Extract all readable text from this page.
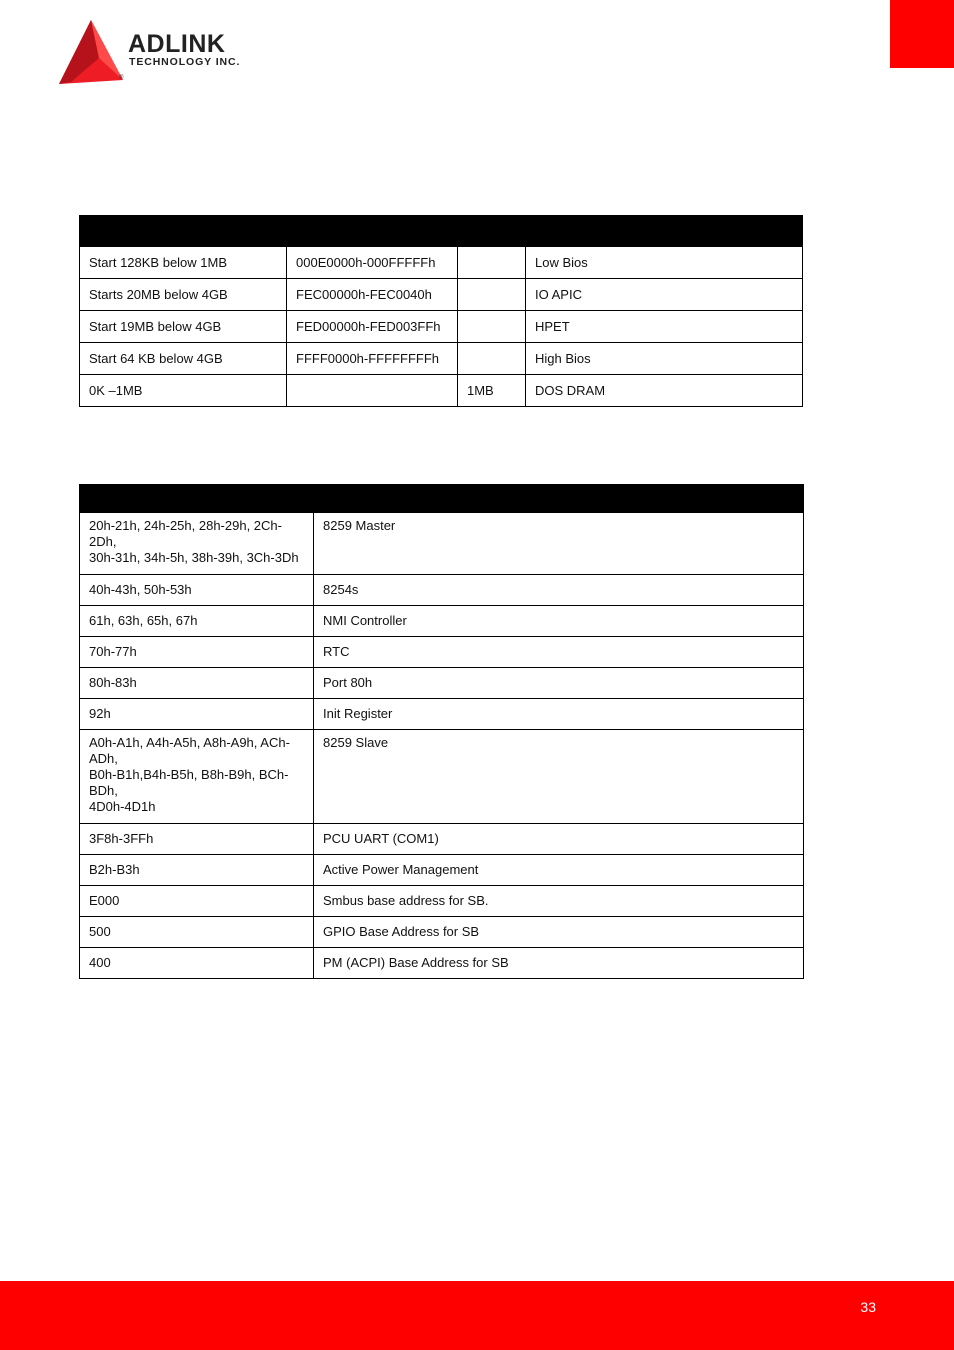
ADLINK
TECHNOLOGY INC.
®

Start 128KB below 1MB	000E0000h-000FFFFFh		Low Bios
Starts 20MB below 4GB	FEC00000h-FEC0040h		IO APIC
Start 19MB below 4GB	FED00000h-FED003FFh		HPET
Start 64 KB below 4GB	FFFF0000h-FFFFFFFFh		High Bios
0K –1MB		1MB	DOS DRAM

20h-21h, 24h-25h, 28h-29h, 2Ch-2Dh,
30h-31h, 34h-5h, 38h-39h, 3Ch-3Dh	8259 Master
40h-43h, 50h-53h	8254s
61h, 63h, 65h, 67h	NMI Controller
70h-77h	RTC
80h-83h	Port 80h
92h	Init Register
A0h-A1h, A4h-A5h, A8h-A9h, ACh-ADh,
B0h-B1h,B4h-B5h, B8h-B9h, BCh-BDh,
4D0h-4D1h	8259 Slave
3F8h-3FFh	PCU UART (COM1)
B2h-B3h	Active Power Management
E000	Smbus base address for SB.
500	GPIO Base Address for SB
400	PM (ACPI) Base Address for SB
33
